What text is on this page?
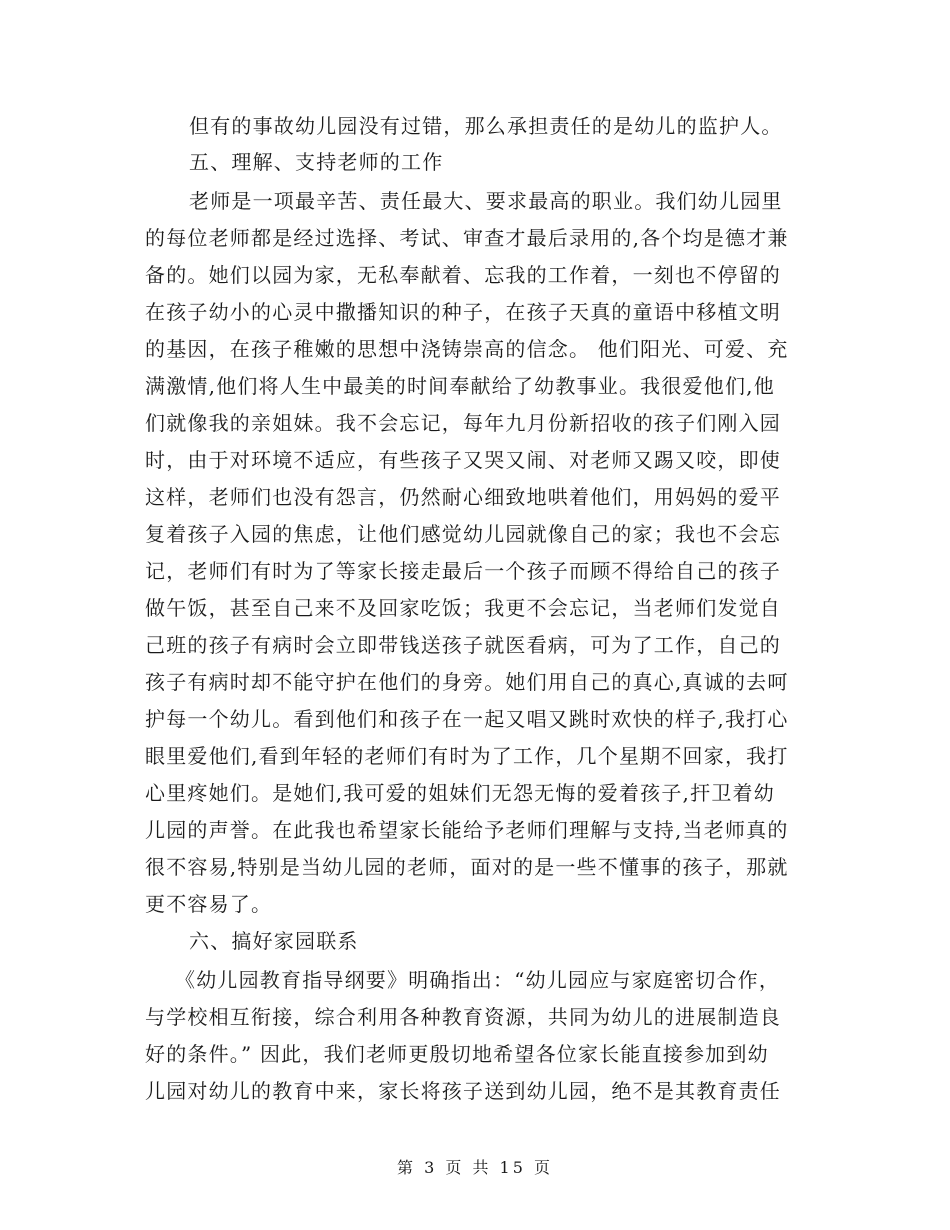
但有的事故幼儿园没有过错，那么承担责任的是幼儿的监护人。
五、理解、支持老师的工作
老师是一项最辛苦、责任最大、要求最高的职业。我们幼儿园里
的每位老师都是经过选择、考试、审查才最后录用的,各个均是德才兼
备的。她们以园为家，无私奉献着、忘我的工作着，一刻也不停留的
在孩子幼小的心灵中撒播知识的种子，在孩子天真的童语中移植文明
的基因，在孩子稚嫩的思想中浇铸崇高的信念。 他们阳光、可爱、充
满激情,他们将人生中最美的时间奉献给了幼教事业。我很爱他们,他
们就像我的亲姐妹。我不会忘记，每年九月份新招收的孩子们刚入园
时，由于对环境不适应，有些孩子又哭又闹、对老师又踢又咬，即使
这样，老师们也没有怨言，仍然耐心细致地哄着他们，用妈妈的爱平
复着孩子入园的焦虑，让他们感觉幼儿园就像自己的家；我也不会忘
记，老师们有时为了等家长接走最后一个孩子而顾不得给自己的孩子
做午饭，甚至自己来不及回家吃饭；我更不会忘记，当老师们发觉自
己班的孩子有病时会立即带钱送孩子就医看病，可为了工作，自己的
孩子有病时却不能守护在他们的身旁。她们用自己的真心,真诚的去呵
护每一个幼儿。看到他们和孩子在一起又唱又跳时欢快的样子,我打心
眼里爱他们,看到年轻的老师们有时为了工作，几个星期不回家，我打
心里疼她们。是她们,我可爱的姐妹们无怨无悔的爱着孩子,扞卫着幼
儿园的声誉。在此我也希望家长能给予老师们理解与支持,当老师真的
很不容易,特别是当幼儿园的老师，面对的是一些不懂事的孩子，那就
更不容易了。
六、搞好家园联系
《幼儿园教育指导纲要》明确指出：“幼儿园应与家庭密切合作，
与学校相互衔接，综合利用各种教育资源，共同为幼儿的进展制造良
好的条件。” 因此，我们老师更殷切地希望各位家长能直接参加到幼
儿园对幼儿的教育中来，家长将孩子送到幼儿园，绝不是其教育责任
第 3 页 共 15 页
